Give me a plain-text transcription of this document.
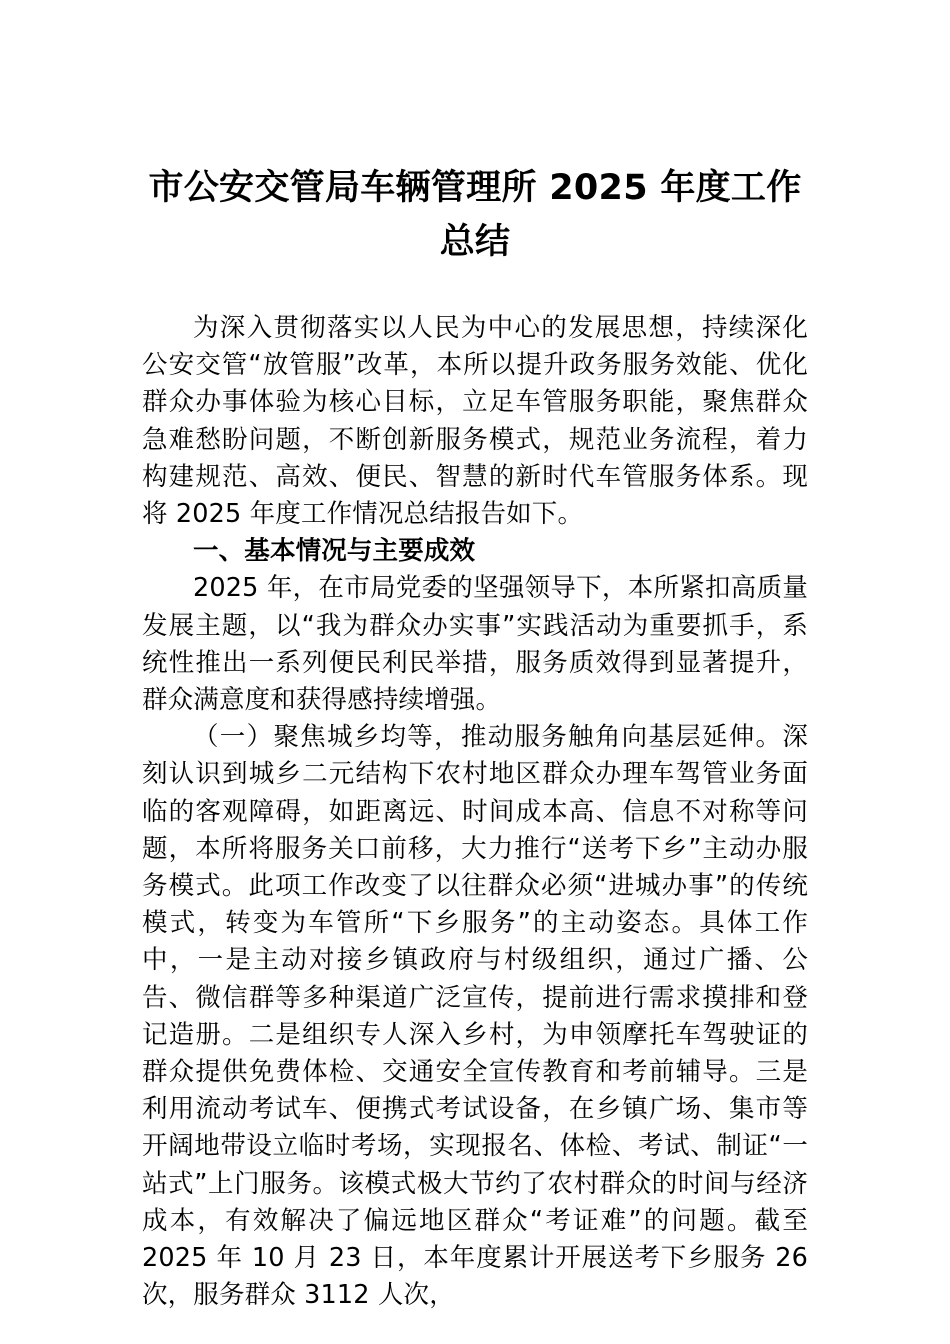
市公安交管局车辆管理所 2025 年度工作总结

为深入贯彻落实以人民为中心的发展思想，持续深化公安交管“放管服”改革，本所以提升政务服务效能、优化群众办事体验为核心目标，立足车管服务职能，聚焦群众急难愁盼问题，不断创新服务模式，规范业务流程，着力构建规范、高效、便民、智慧的新时代车管服务体系。现将 2025 年度工作情况总结报告如下。

一、基本情况与主要成效

2025 年，在市局党委的坚强领导下，本所紧扣高质量发展主题，以“我为群众办实事”实践活动为重要抓手，系统性推出一系列便民利民举措，服务质效得到显著提升，群众满意度和获得感持续增强。

（一）聚焦城乡均等，推动服务触角向基层延伸。深刻认识到城乡二元结构下农村地区群众办理车驾管业务面临的客观障碍，如距离远、时间成本高、信息不对称等问题，本所将服务关口前移，大力推行“送考下乡”主动办服务模式。此项工作改变了以往群众必须“进城办事”的传统模式，转变为车管所“下乡服务”的主动姿态。具体工作中，一是主动对接乡镇政府与村级组织，通过广播、公告、微信群等多种渠道广泛宣传，提前进行需求摸排和登记造册。二是组织专人深入乡村，为申领摩托车驾驶证的群众提供免费体检、交通安全宣传教育和考前辅导。三是利用流动考试车、便携式考试设备，在乡镇广场、集市等开阔地带设立临时考场，实现报名、体检、考试、制证“一站式”上门服务。该模式极大节约了农村群众的时间与经济成本，有效解决了偏远地区群众“考证难”的问题。截至 2025 年 10 月 23 日，本年度累计开展送考下乡服务 26 次，服务群众 3112 人次，
